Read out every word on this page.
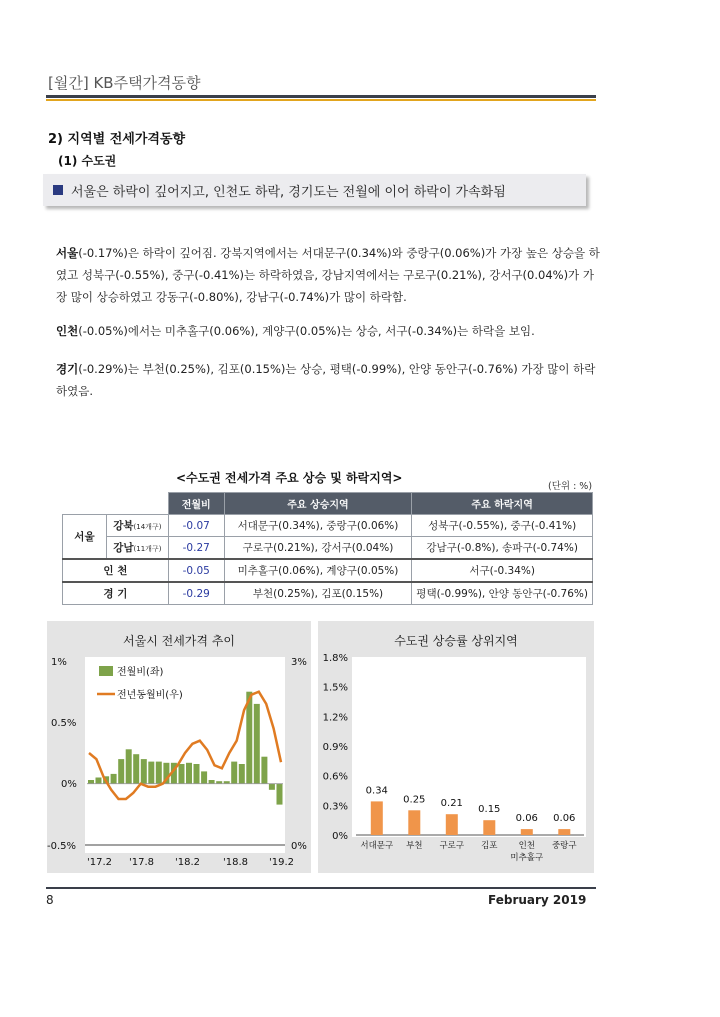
[월간] KB주택가격동향
2) 지역별 전세가격동향
(1) 수도권
서울은 하락이 깊어지고, 인천도 하락, 경기도는 전월에 이어 하락이 가속화됨
서울(-0.17%)은 하락이 깊어짐. 강북지역에서는 서대문구(0.34%)와 중랑구(0.06%)가 가장 높은 상승을 하였고 성북구(-0.55%), 중구(-0.41%)는 하락하였음, 강남지역에서는 구로구(0.21%), 강서구(0.04%)가 가장 많이 상승하였고 강동구(-0.80%), 강남구(-0.74%)가 많이 하락함.
인천(-0.05%)에서는 미추홀구(0.06%), 계양구(0.05%)는 상승, 서구(-0.34%)는 하락을 보임.
경기(-0.29%)는 부천(0.25%), 김포(0.15%)는 상승, 평택(-0.99%), 안양 동안구(-0.76%) 가장 많이 하락하였음.
<수도권 전세가격 주요 상승 및 하락지역>
(단위 : %)
		전월비	주요 상승지역	주요 하락지역
서울	강북(14개구)	-0.07	서대문구(0.34%), 중랑구(0.06%)	성북구(-0.55%), 중구(-0.41%)
	강남(11개구)	-0.27	구로구(0.21%), 강서구(0.04%)	강남구(-0.8%), 송파구(-0.74%)
인 천		-0.05	미추홀구(0.06%), 계양구(0.05%)	서구(-0.34%)
경 기		-0.29	부천(0.25%), 김포(0.15%)	평택(-0.99%), 안양 동안구(-0.76%)
서울시 전세가격 추이
1%
0.5%
0%
-0.5%
3%
0%
'17.2 '17.8 '18.2 '18.8 '19.2
전월비(좌)
전년동월비(우)
수도권 상승률 상위지역
1.8%
1.5%
1.2%
0.9%
0.6%
0.3%
0%
0.34
0.25 0.21
0.15
0.06 0.06
서대문구 부천 구로구 김포 인천 중랑구
미추홀구
8	February 2019
